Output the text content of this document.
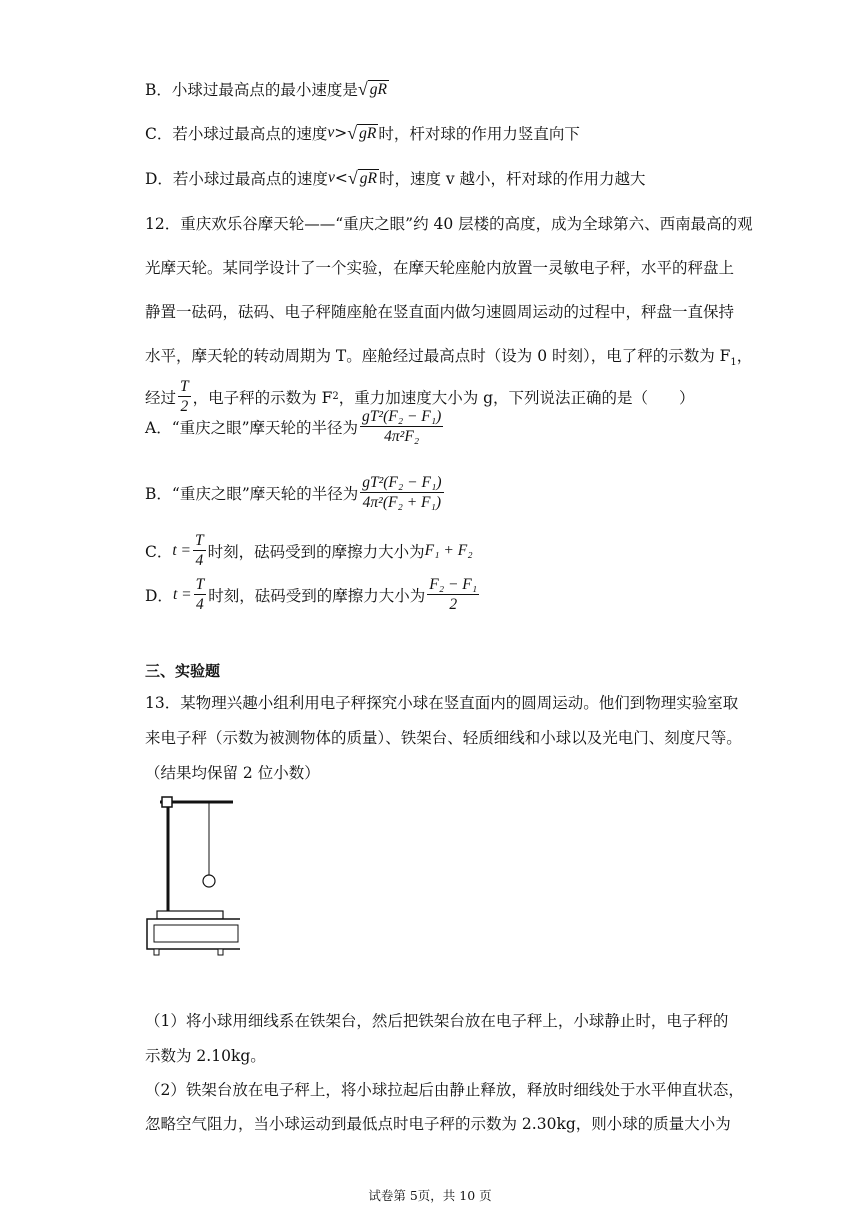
B．小球过最高点的最小速度是 √ gR
C．若小球过最高点的速度 v > √ gR 时，杆对球的作用力竖直向下
D．若小球过最高点的速度 v < √ gR 时，速度 v 越小，杆对球的作用力越大
12．重庆欢乐谷摩天轮——“重庆之眼”约 40 层楼的高度，成为全球第六、西南最高的观
光摩天轮。某同学设计了一个实验，在摩天轮座舱内放置一灵敏电子秤，水平的秤盘上
静置一砝码，砝码、电子秤随座舱在竖直面内做匀速圆周运动的过程中，秤盘一直保持
水平，摩天轮的转动周期为 T。座舱经过最高点时（设为 0 时刻），电了秤的示数为 $F_1$，
经过 $\frac{T}{2}$ ，电子秤的示数为 F 2 ，重力加速度大小为 g，下列说法正确的是（　　）
A．“重庆之眼”摩天轮的半径为 $\frac{\text{gT²(F₂ − F₁)}}{\text{4π²F₂}}$
B．“重庆之眼”摩天轮的半径为 $\frac{\text{gT²(F₂ − F₁)}}{\text{4π²(F₂ + F₁)}}$
C． $t = \frac{T}{4}$ 时刻，砝码受到的摩擦力大小为 F₁ + F₂
D． $t = \frac{T}{4}$ 时刻，砝码受到的摩擦力大小为 $\frac{\text{F₂ − F₁}}{2}$
三、实验题
13．某物理兴趣小组利用电子秤探究小球在竖直面内的圆周运动。他们到物理实验室取
来电子秤（示数为被测物体的质量）、铁架台、轻质细线和小球以及光电门、刻度尺等。
（结果均保留 2 位小数）
（1）将小球用细线系在铁架台，然后把铁架台放在电子秤上，小球静止时，电子秤的
示数为 2.10kg。
（2）铁架台放在电子秤上，将小球拉起后由静止释放，释放时细线处于水平伸直状态，
忽略空气阻力，当小球运动到最低点时电子秤的示数为 2.30kg，则小球的质量大小为
试卷第 5页，共 10 页
